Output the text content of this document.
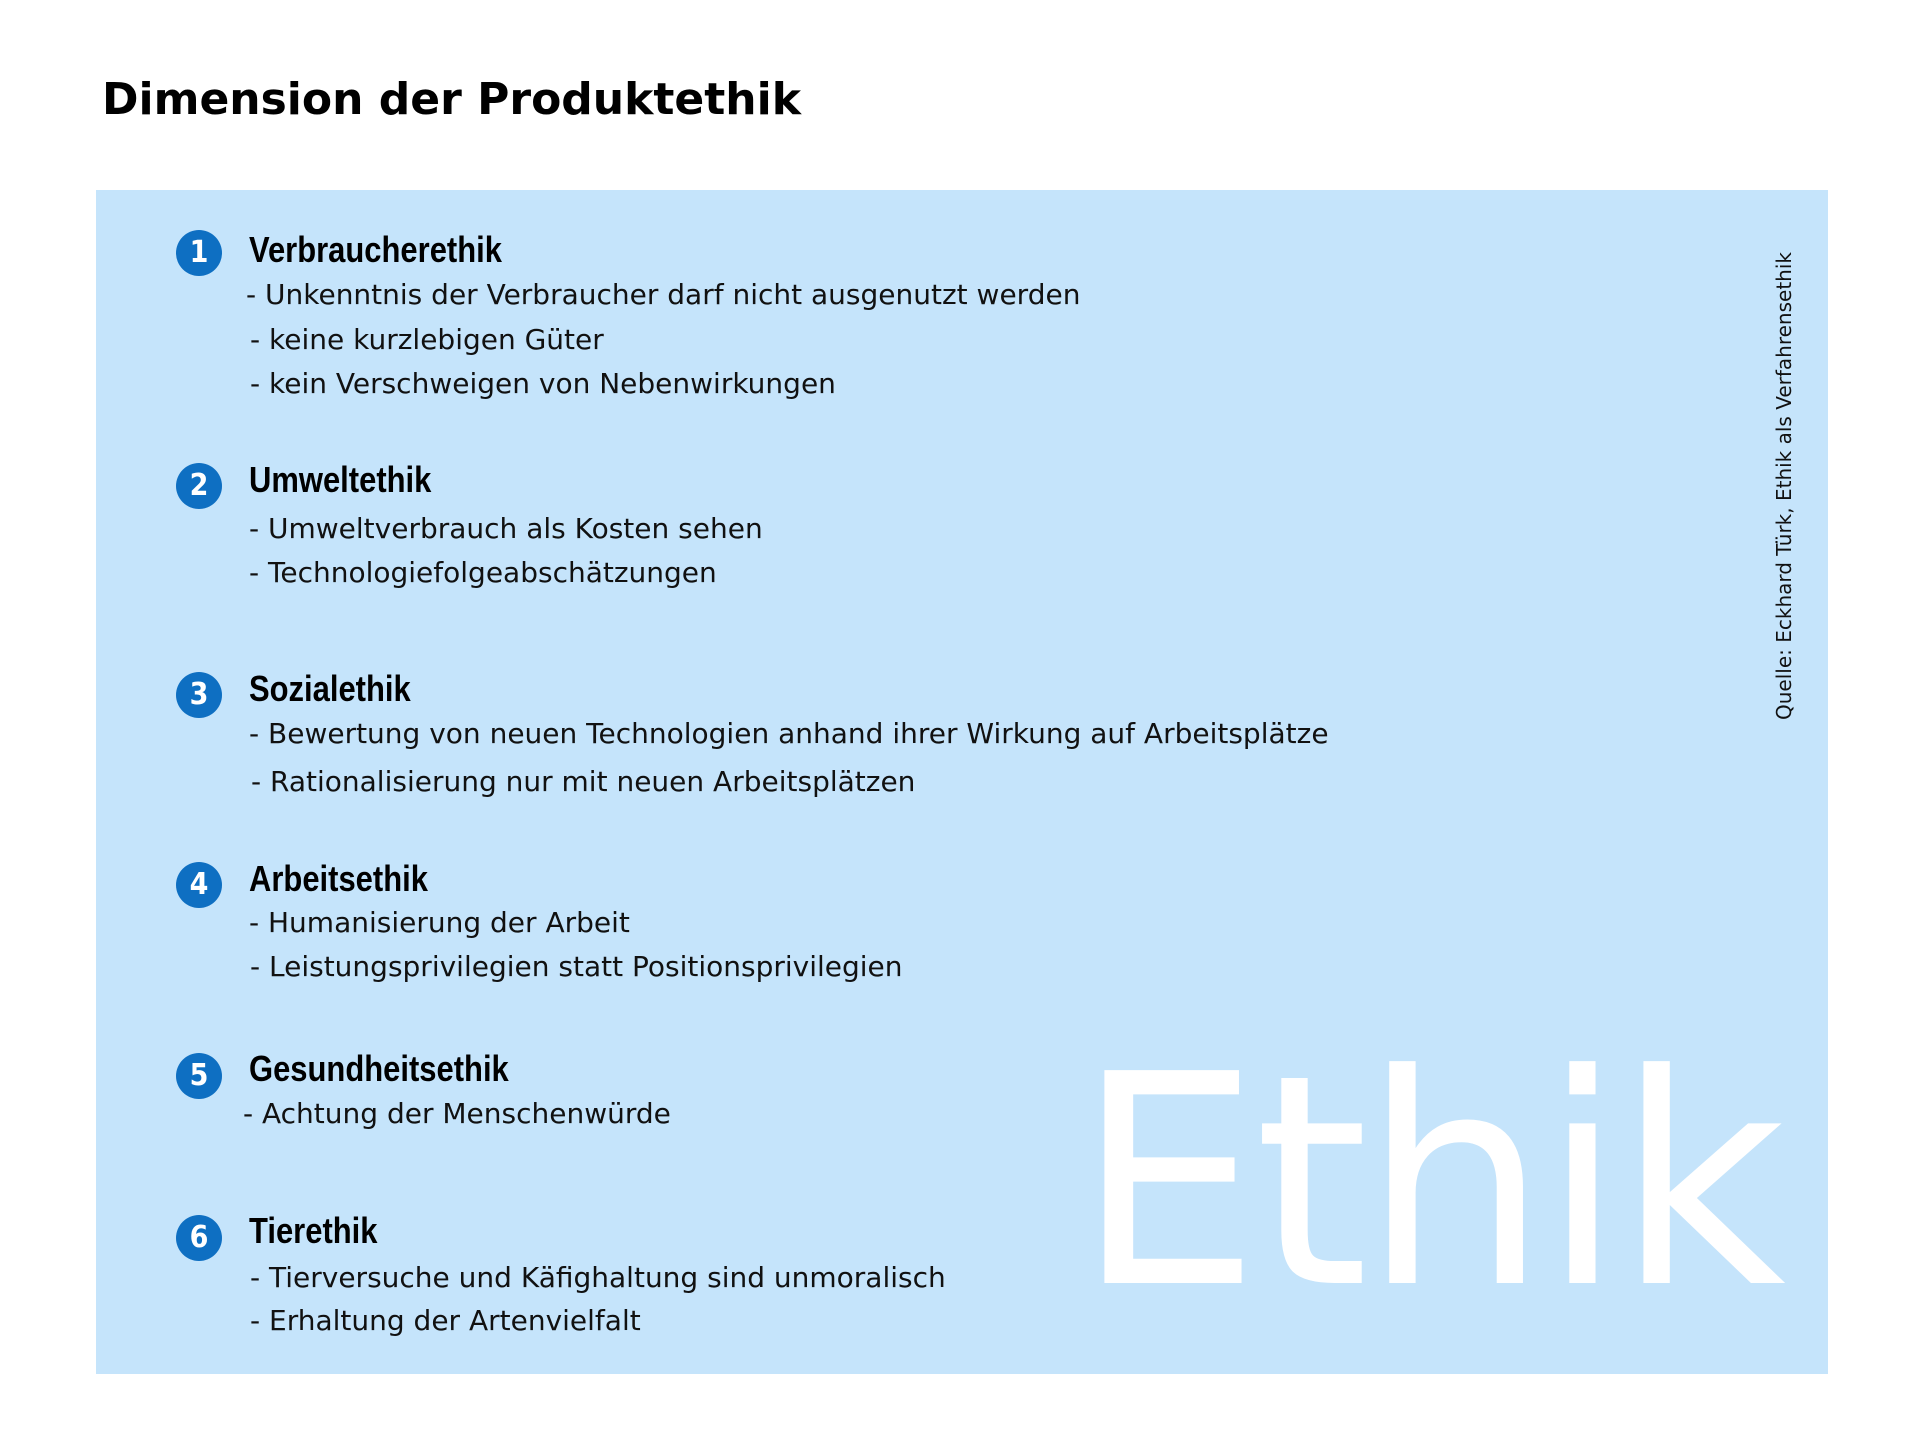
Dimension der Produktethik
Ethik
Quelle: Eckhard Türk, Ethik als Verfahrensethik
1	Verbraucherethik
- Unkenntnis der Verbraucher darf nicht ausgenutzt werden
- keine kurzlebigen Güter
- kein Verschweigen von Nebenwirkungen
2	Umweltethik
- Umweltverbrauch als Kosten sehen
- Technologiefolgeabschätzungen
3	Sozialethik
- Bewertung von neuen Technologien anhand ihrer Wirkung auf Arbeitsplätze
- Rationalisierung nur mit neuen Arbeitsplätzen
4	Arbeitsethik
- Humanisierung der Arbeit
- Leistungsprivilegien statt Positionsprivilegien
5	Gesundheitsethik
- Achtung der Menschenwürde
6	Tierethik
- Tierversuche und Käfighaltung sind unmoralisch
- Erhaltung der Artenvielfalt
